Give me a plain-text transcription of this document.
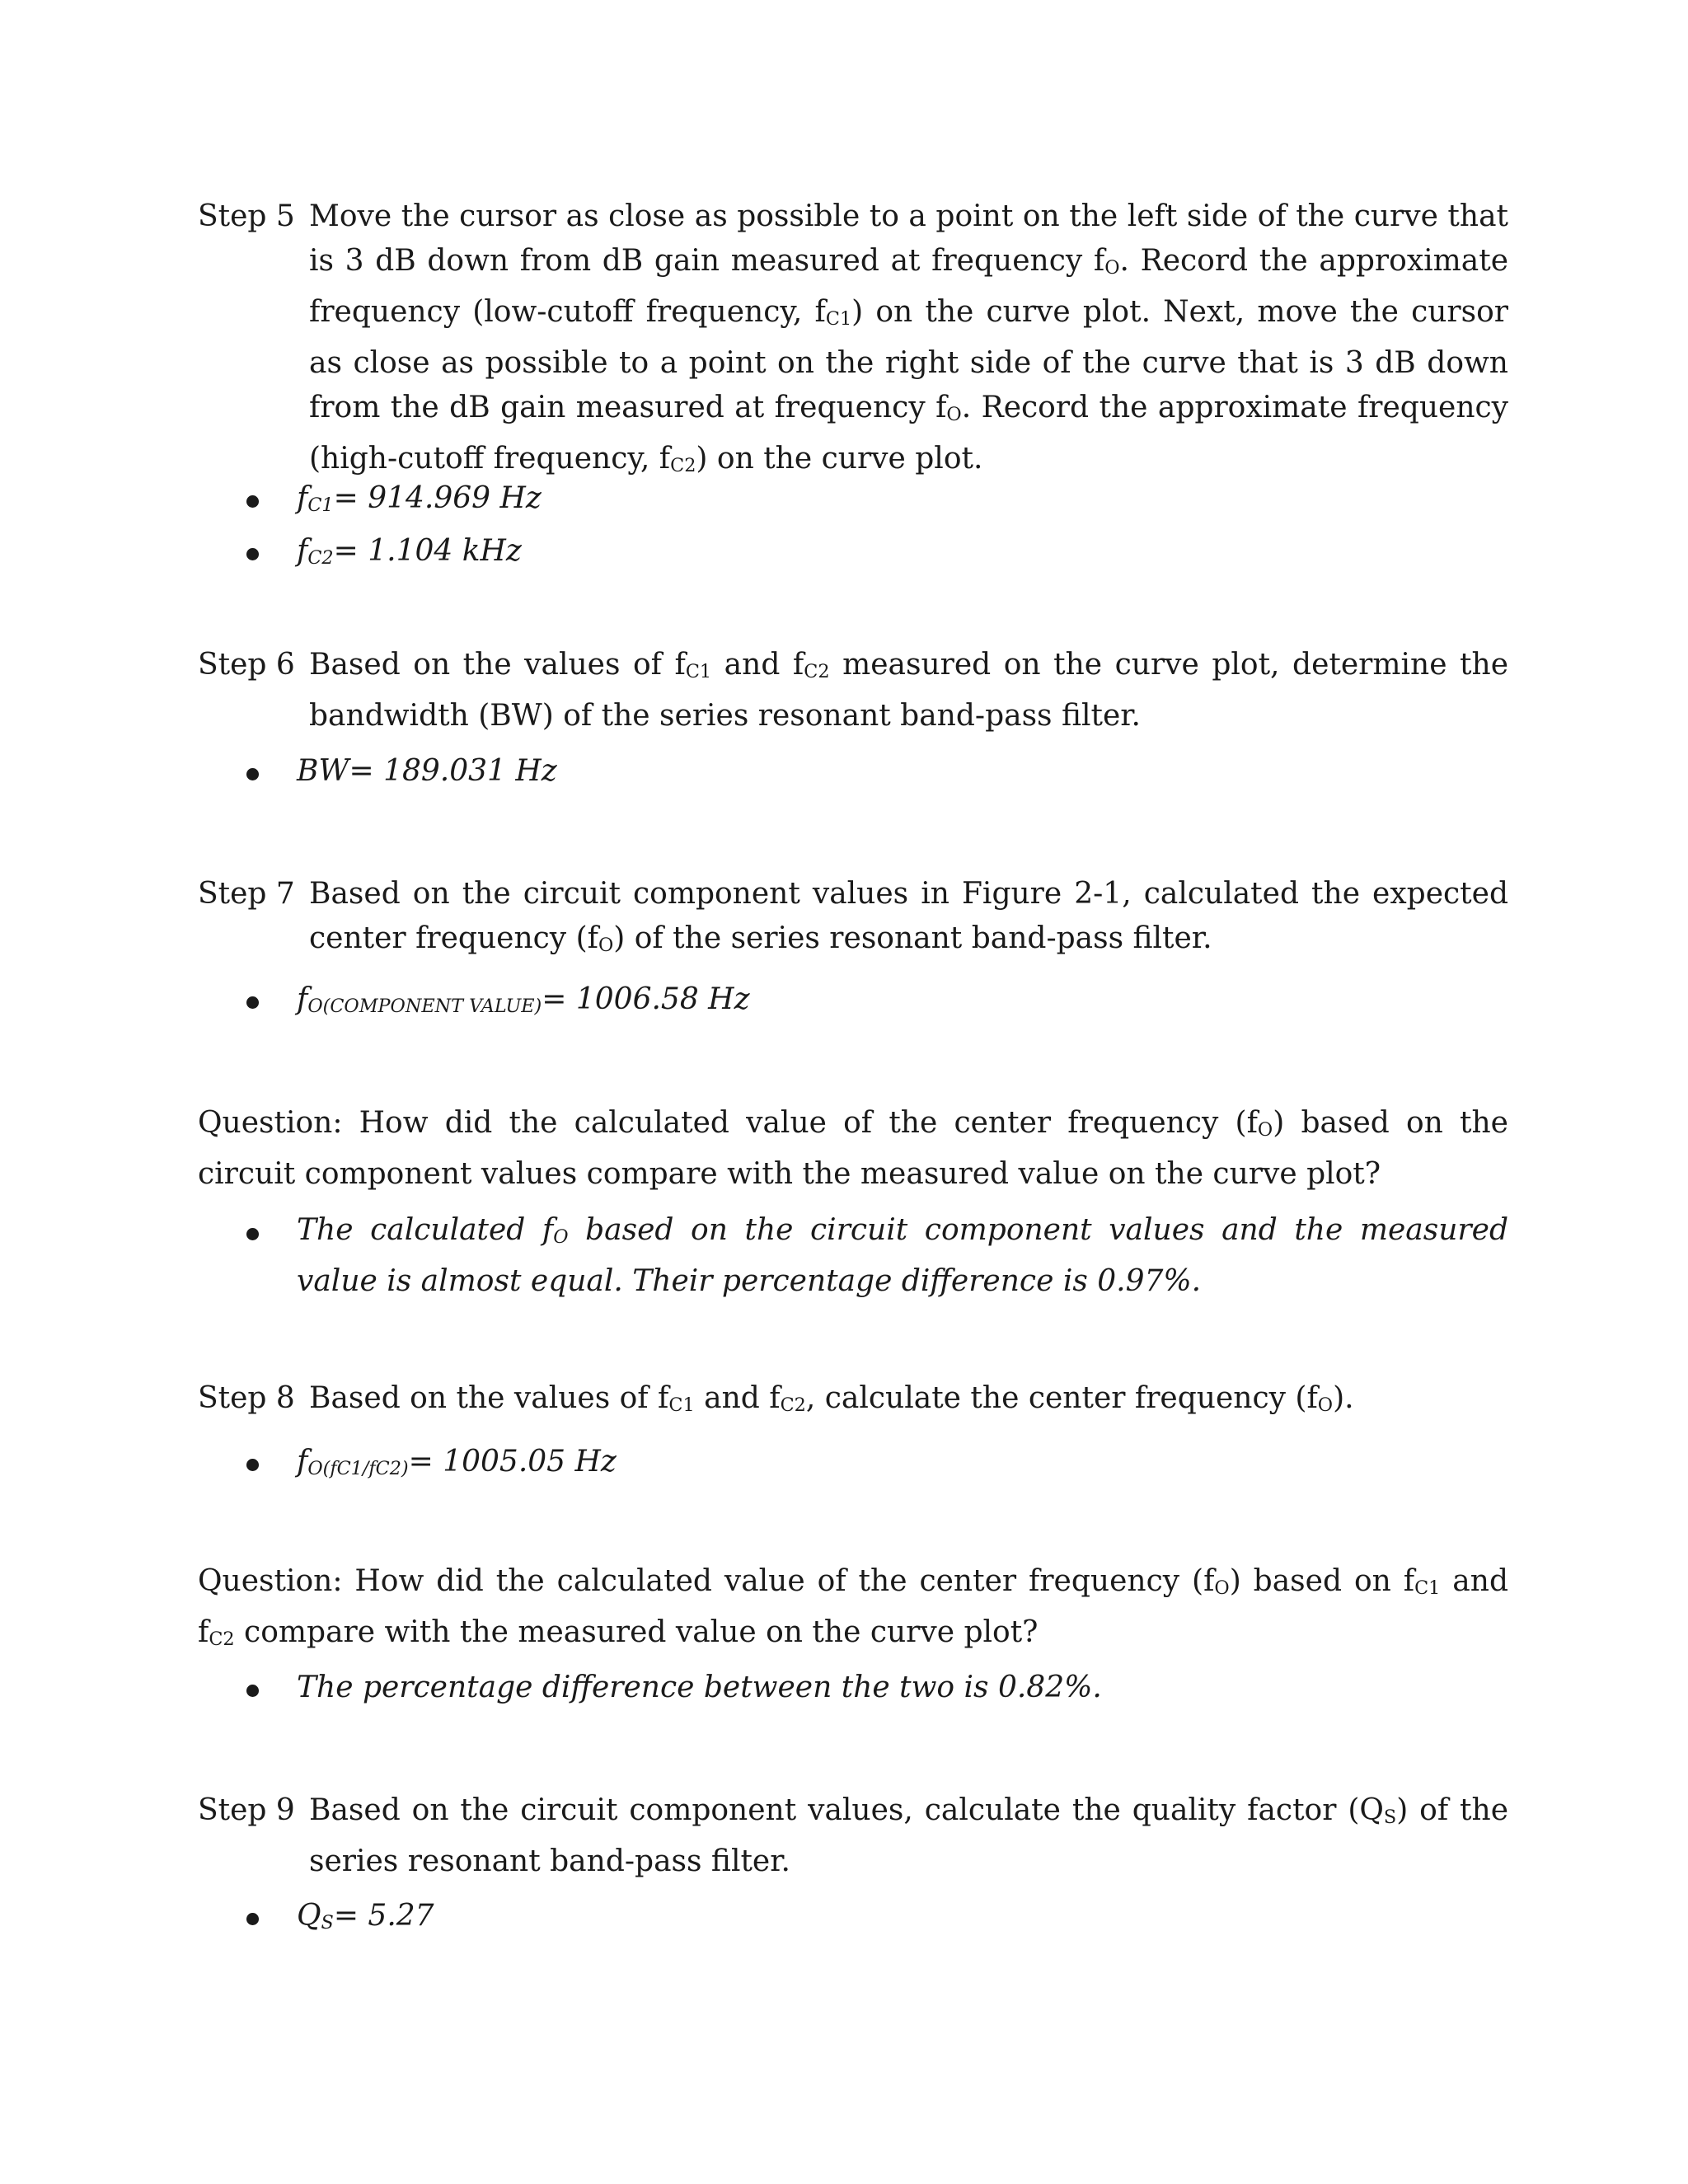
Step 5 Move the cursor as close as possible to a point on the left side of the curve that is 3 dB down from dB gain measured at frequency fO. Record the approximate frequency (low-cutoff frequency, fC1) on the curve plot. Next, move the cursor as close as possible to a point on the right side of the curve that is 3 dB down from the dB gain measured at frequency fO. Record the approximate frequency (high-cutoff frequency, fC2) on the curve plot.
fC1= 914.969 Hz
fC2= 1.104 kHz
Step 6 Based on the values of fC1 and fC2 measured on the curve plot, determine the bandwidth (BW) of the series resonant band-pass filter.
BW= 189.031 Hz
Step 7 Based on the circuit component values in Figure 2-1, calculated the expected center frequency (fO) of the series resonant band-pass filter.
fO(COMPONENT VALUE)= 1006.58 Hz
Question: How did the calculated value of the center frequency (fO) based on the circuit component values compare with the measured value on the curve plot?
The calculated fO based on the circuit component values and the measured value is almost equal. Their percentage difference is 0.97%.
Step 8 Based on the values of fC1 and fC2, calculate the center frequency (fO).
fO(fC1/fC2)= 1005.05 Hz
Question: How did the calculated value of the center frequency (fO) based on fC1 and fC2 compare with the measured value on the curve plot?
The percentage difference between the two is 0.82%.
Step 9 Based on the circuit component values, calculate the quality factor (QS) of the series resonant band-pass filter.
QS= 5.27
